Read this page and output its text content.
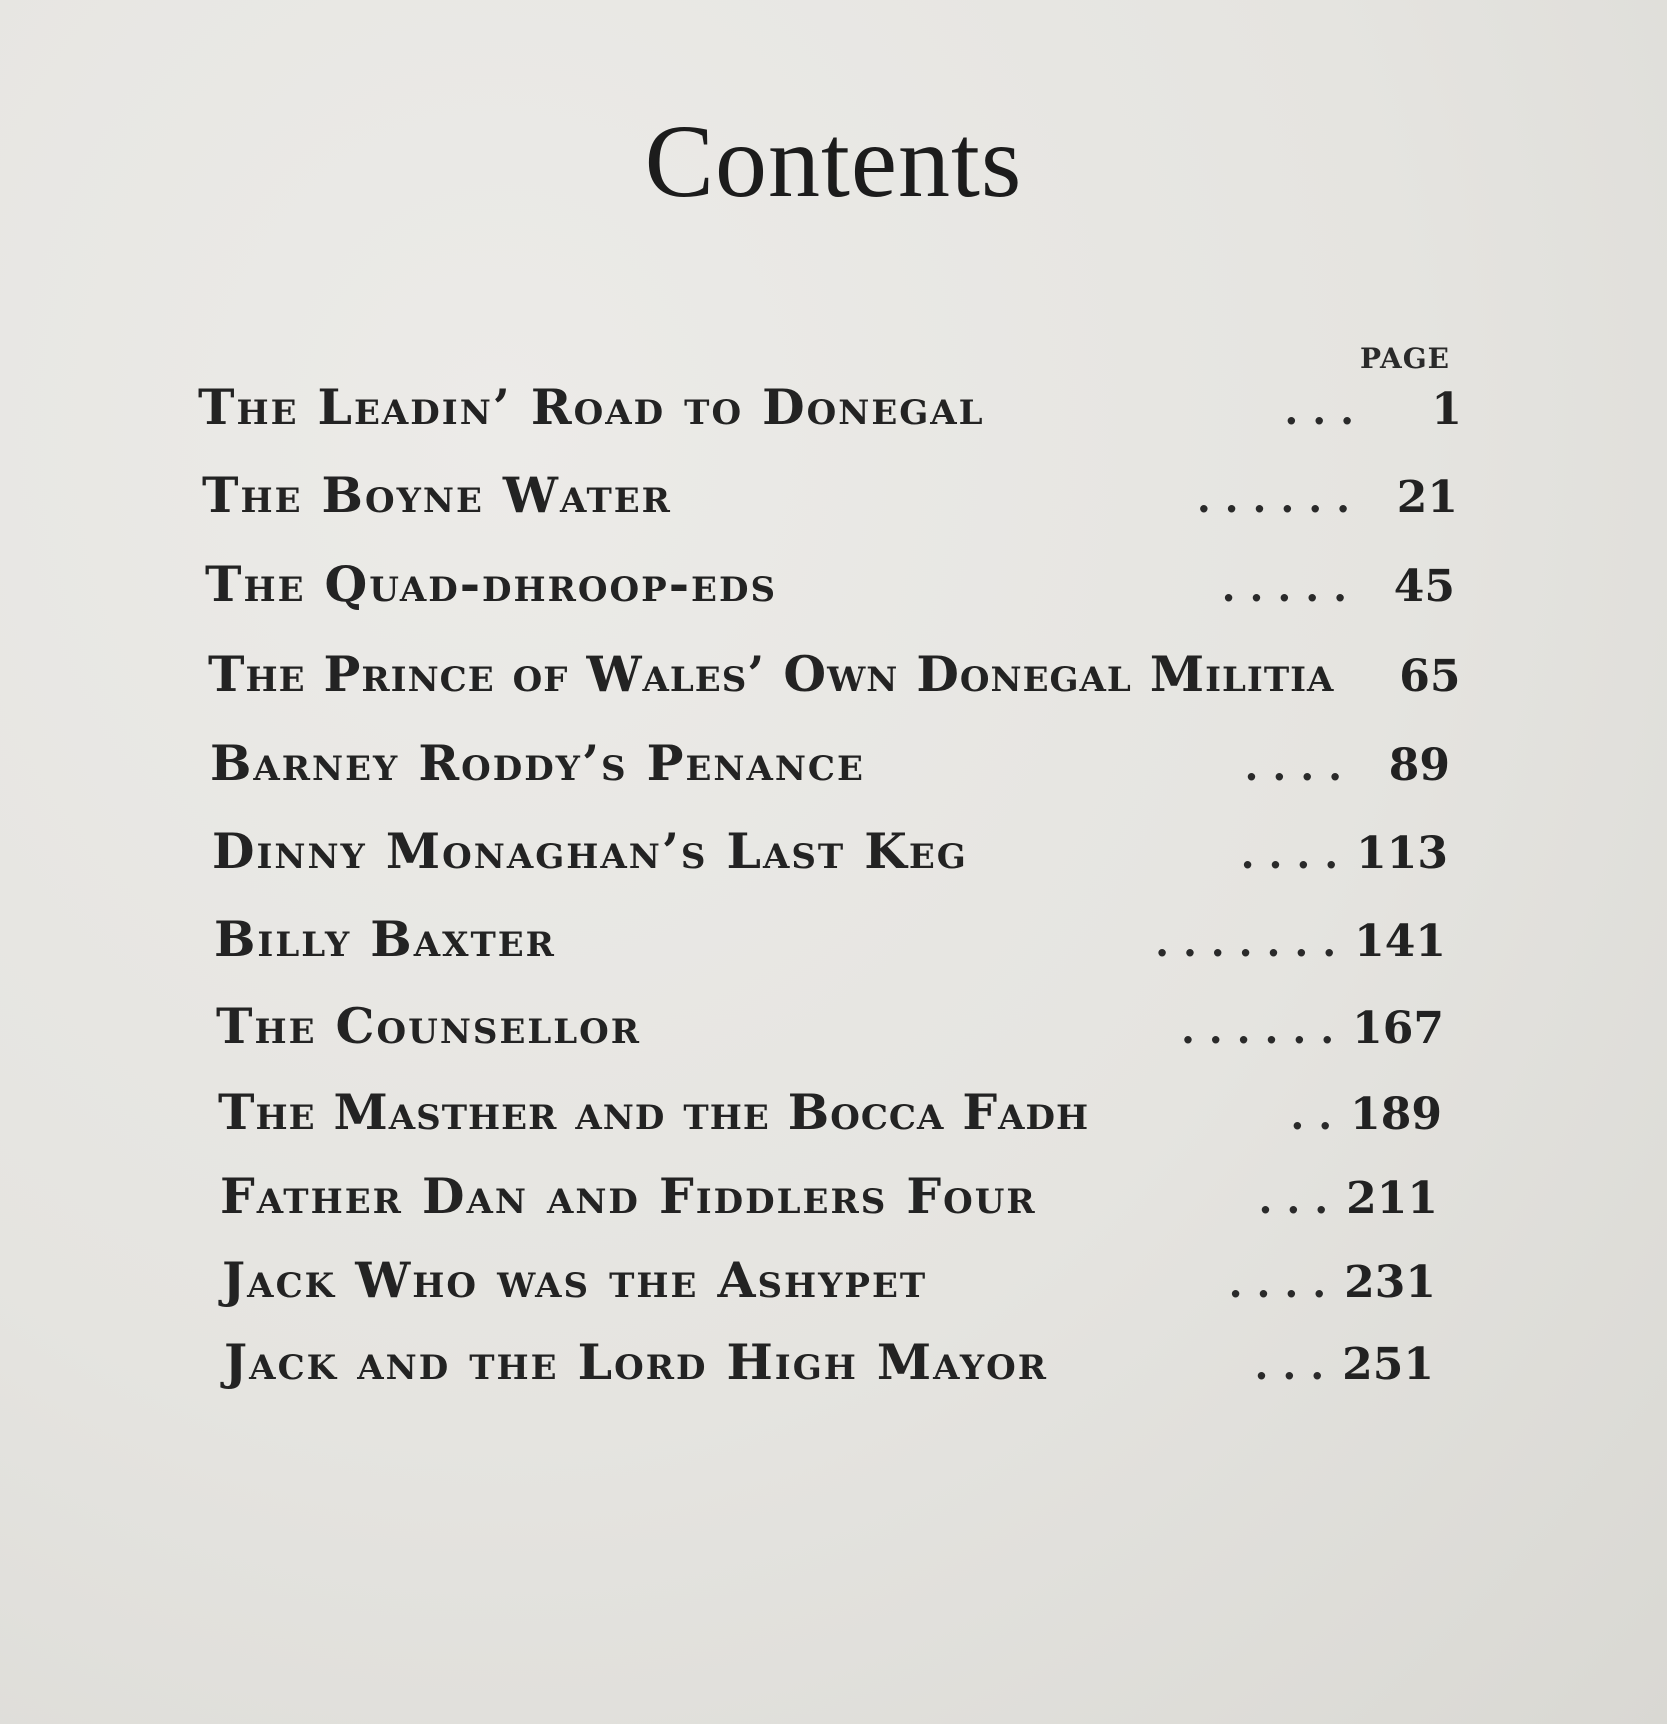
Contents
PAGE
The Leadin’ Road to Donegal	. . .	1
The Boyne Water	. . . . . .	21
The Quad-dhroop-eds	. . . . .	45
The Prince of Wales’ Own Donegal Militia	65
Barney Roddy’s Penance	. . . .	89
Dinny Monaghan’s Last Keg	. . . . 113
Billy Baxter	. . . . . . . 141
The Counsellor	. . . . . . 167
The Masther and the Bocca Fadh	. . 189
Father Dan and Fiddlers Four	. . . 211
Jack Who was the Ashypet	. . . . 231
Jack and the Lord High Mayor	. . . 251
